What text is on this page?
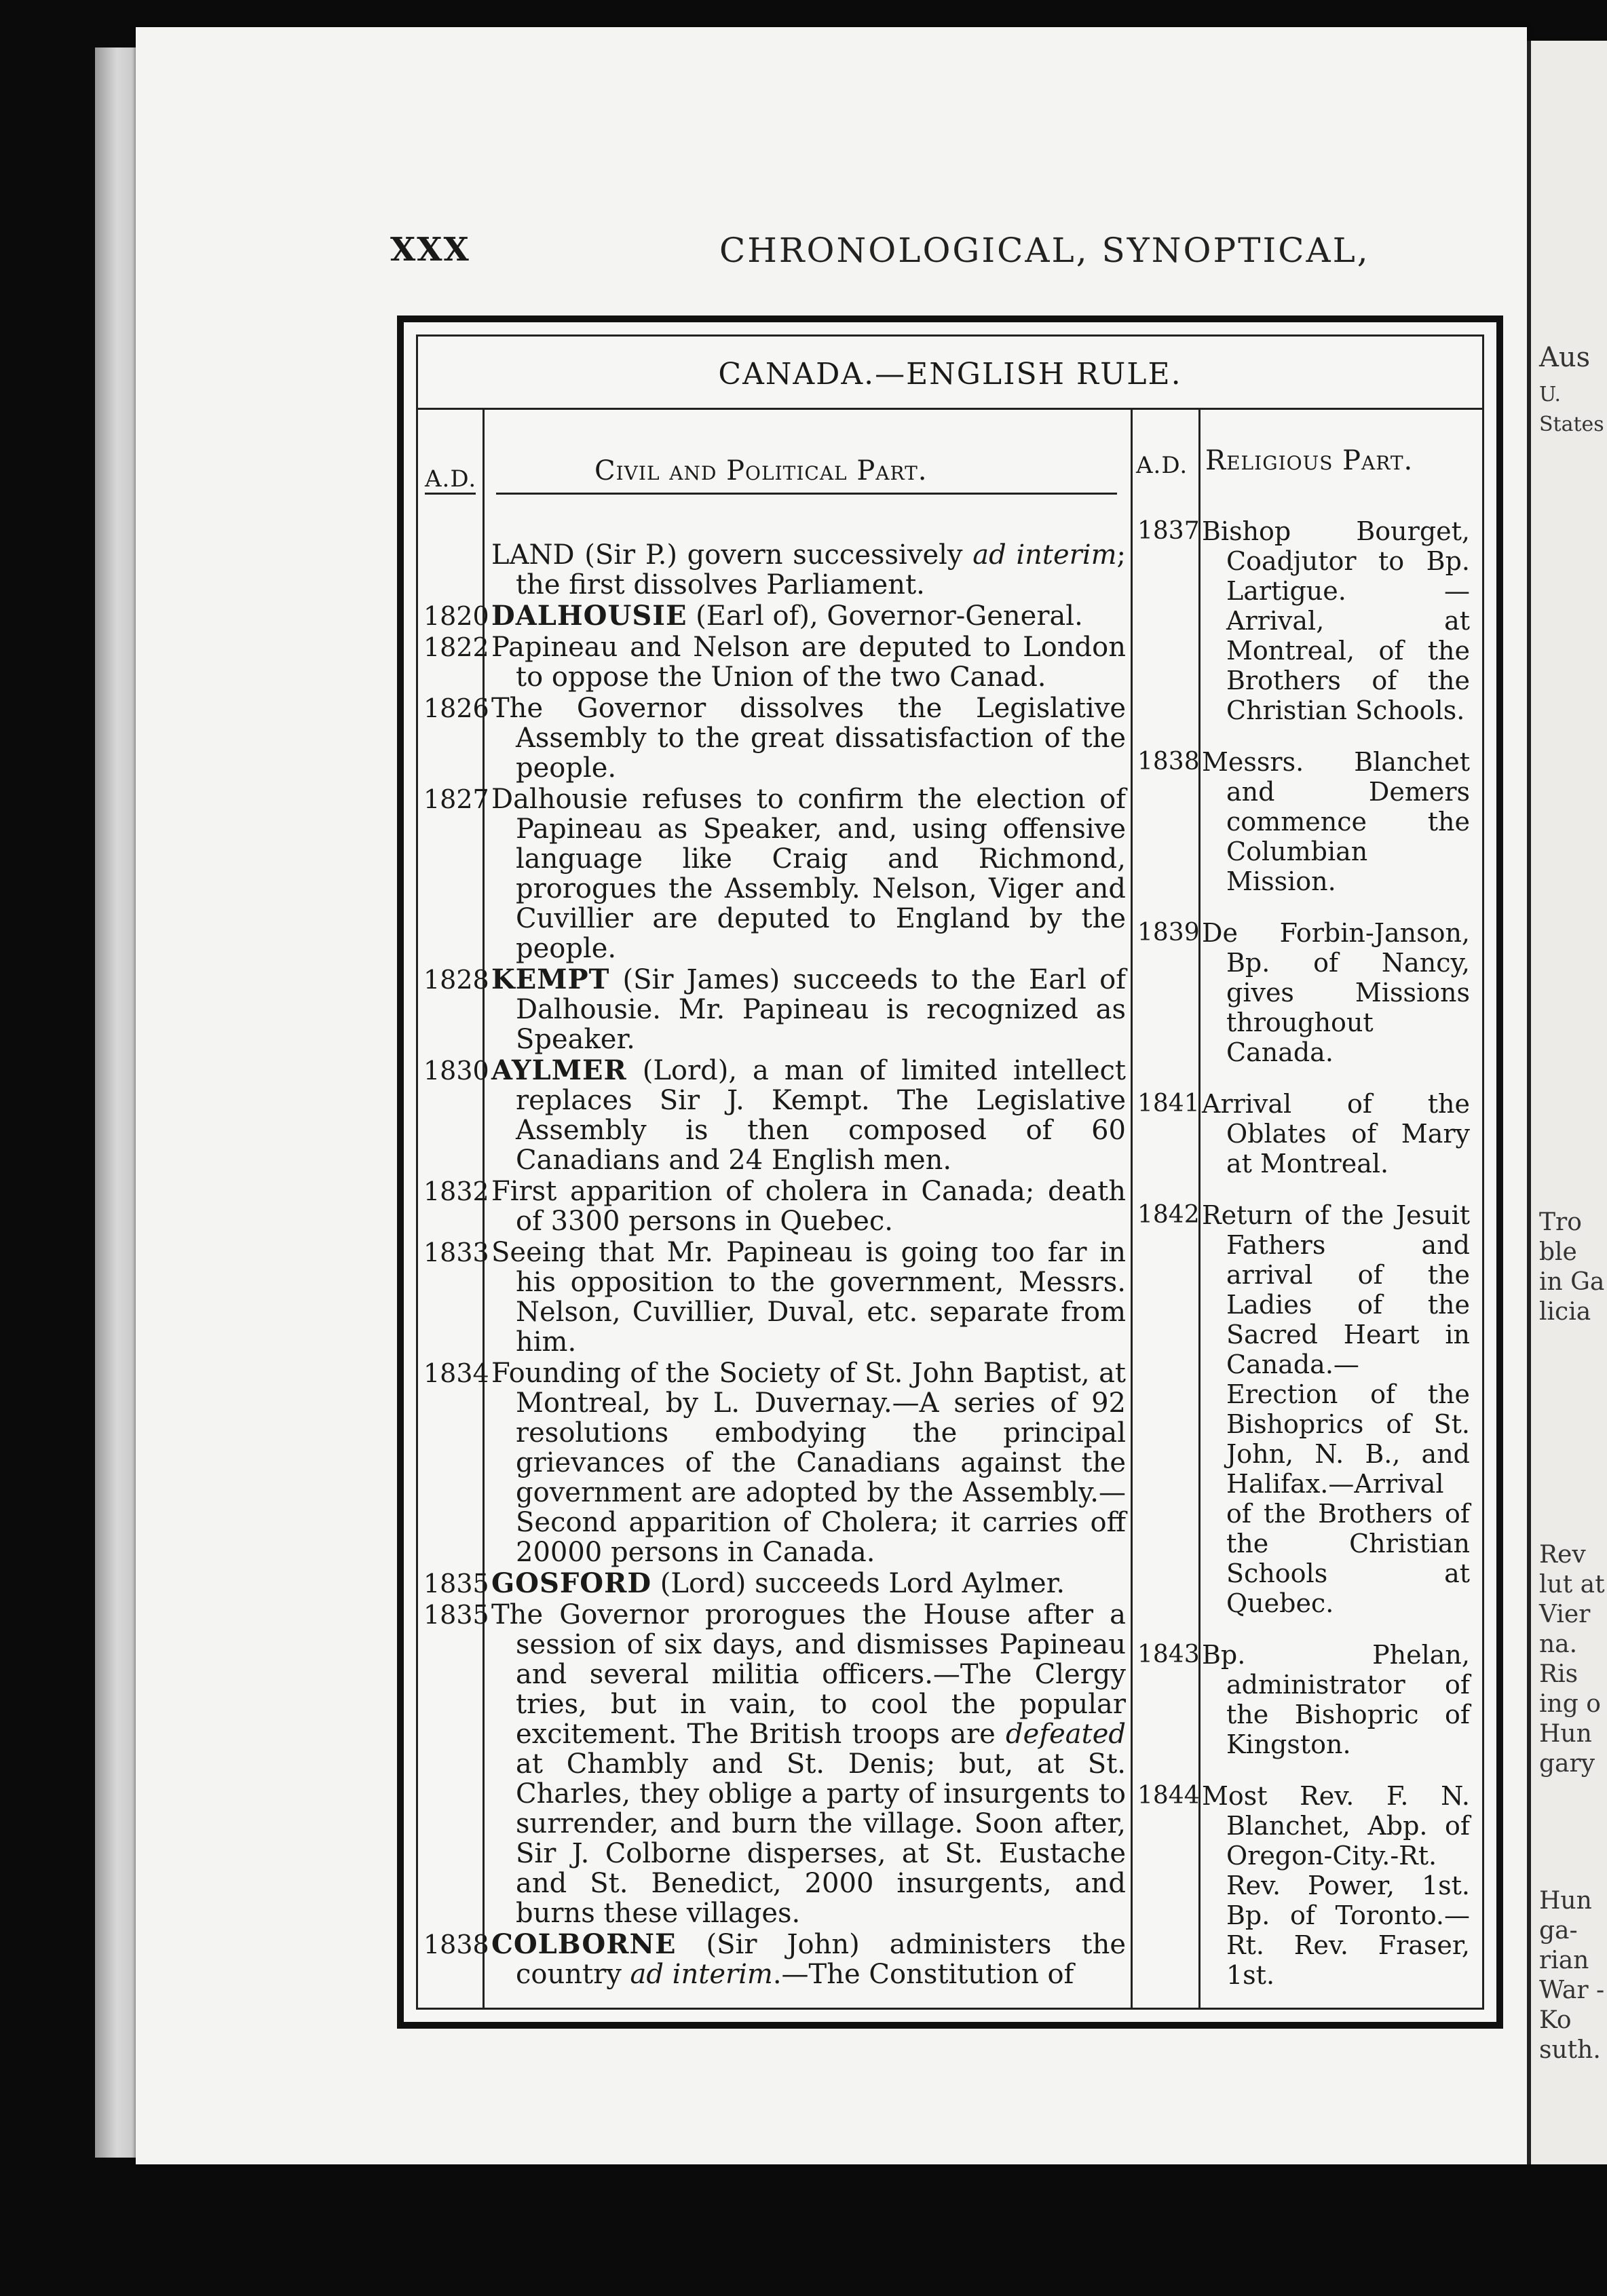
Aus
U. States
Tro ble in Ga licia
Rev lut at Vier na. Ris ing o Hun gary
Hun ga- rian War -Ko suth.
XXX	CHRONOLOGICAL, SYNOPTICAL,
CANADA.—ENGLISH RULE.
A.D.	Civil and Political Part.	A.D. Religious Part.
LAND (Sir P.) govern successively ad interim; the first dissolves Parliament.
1820 DALHOUSIE (Earl of), Governor-General.
1822 Papineau and Nelson are deputed to London to oppose the Union of the two Canad.
1826 The Governor dissolves the Legislative Assembly to the great dissatisfaction of the people.
1827 Dalhousie refuses to confirm the election of Papineau as Speaker, and, using offensive language like Craig and Richmond, prorogues the Assembly. Nelson, Viger and Cuvillier are deputed to England by the people.
1828 KEMPT (Sir James) succeeds to the Earl of Dalhousie. Mr. Papineau is recognized as Speaker.
1830 AYLMER (Lord), a man of limited intellect replaces Sir J. Kempt. The Legislative Assembly is then composed of 60 Canadians and 24 English men.
1832 First apparition of cholera in Canada; death of 3300 persons in Quebec.
1833 Seeing that Mr. Papineau is going too far in his opposition to the government, Messrs. Nelson, Cuvillier, Duval, etc. separate from him.
1834 Founding of the Society of St. John Baptist, at Montreal, by L. Duvernay.—A series of 92 resolutions embodying the principal grievances of the Canadians against the government are adopted by the Assembly.—Second apparition of Cholera; it carries off 20000 persons in Canada.
1835 GOSFORD (Lord) succeeds Lord Aylmer.
1835 The Governor prorogues the House after a session of six days, and dismisses Papineau and several militia officers.—The Clergy tries, but in vain, to cool the popular excitement. The British troops are defeated at Chambly and St. Denis; but, at St. Charles, they oblige a party of insurgents to surrender, and burn the village. Soon after, Sir J. Colborne disperses, at St. Eustache and St. Benedict, 2000 insurgents, and burns these villages.
1838 COLBORNE (Sir John) administers the country ad interim.—The Constitution of
1837 Bishop Bourget, Coadjutor to Bp. Lartigue. —Arrival, at Montreal, of the Brothers of the Christian Schools.
1838 Messrs. Blanchet and Demers commence the Columbian Mission.
1839 De Forbin-Janson, Bp. of Nancy, gives Missions throughout Canada.
1841 Arrival of the Oblates of Mary at Montreal.
1842 Return of the Jesuit Fathers and arrival of the Ladies of the Sacred Heart in Canada.—Erection of the Bishoprics of St. John, N. B., and Halifax.—Arrival of the Brothers of the Christian Schools at Quebec.
1843 Bp. Phelan, administrator of the Bishopric of Kingston.
1844 Most Rev. F. N. Blanchet, Abp. of Oregon-City.-Rt. Rev. Power, 1st. Bp. of Toronto.—Rt. Rev. Fraser, 1st.
